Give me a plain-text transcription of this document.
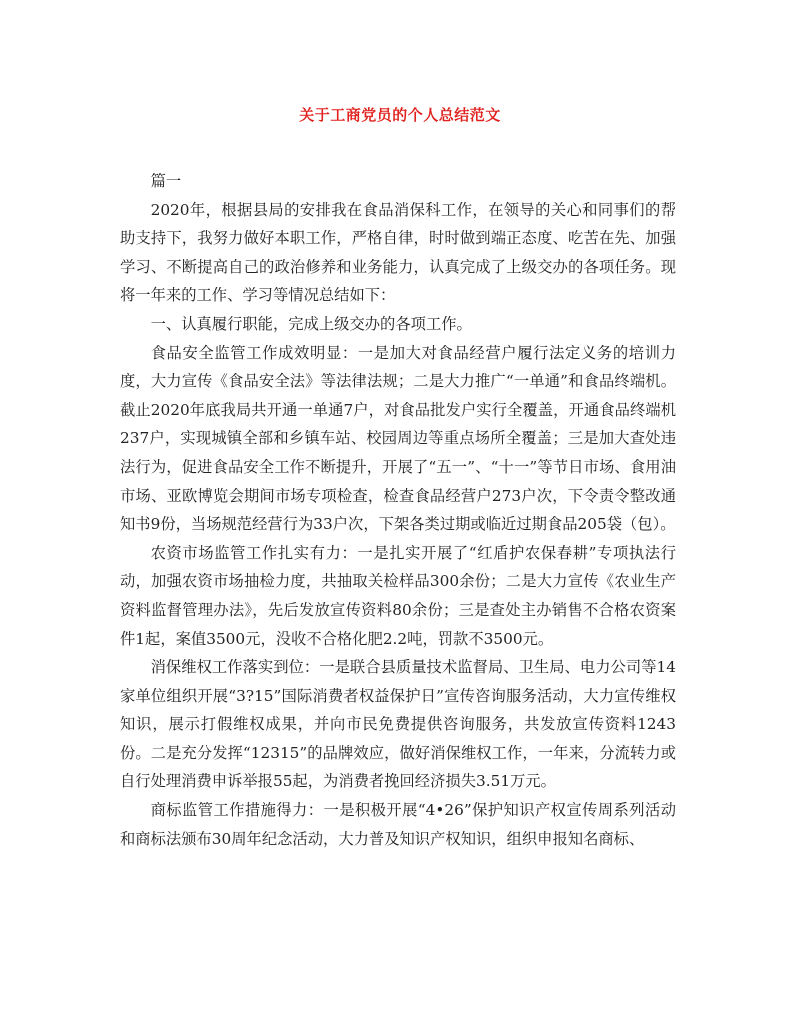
关于工商党员的个人总结范文

篇一

2020年，根据县局的安排我在食品消保科工作，在领导的关心和同事们的帮助支持下，我努力做好本职工作，严格自律，时时做到端正态度、吃苦在先、加强学习、不断提高自己的政治修养和业务能力，认真完成了上级交办的各项任务。现将一年来的工作、学习等情况总结如下：

一、认真履行职能，完成上级交办的各项工作。

食品安全监管工作成效明显：一是加大对食品经营户履行法定义务的培训力度，大力宣传《食品安全法》等法律法规；二是大力推广“一单通”和食品终端机。截止2020年底我局共开通一单通7户，对食品批发户实行全覆盖，开通食品终端机237户，实现城镇全部和乡镇车站、校园周边等重点场所全覆盖；三是加大查处违法行为，促进食品安全工作不断提升，开展了“五一”、“十一”等节日市场、食用油市场、亚欧博览会期间市场专项检查，检查食品经营户273户次，下令责令整改通知书9份，当场规范经营行为33户次，下架各类过期或临近过期食品205袋（包）。

农资市场监管工作扎实有力：一是扎实开展了“红盾护农保春耕”专项执法行动，加强农资市场抽检力度，共抽取关检样品300余份；二是大力宣传《农业生产资料监督管理办法》，先后发放宣传资料80余份；三是查处主办销售不合格农资案件1起，案值3500元，没收不合格化肥2.2吨，罚款不3500元。

消保维权工作落实到位：一是联合县质量技术监督局、卫生局、电力公司等14家单位组织开展“3?15”国际消费者权益保护日”宣传咨询服务活动，大力宣传维权知识，展示打假维权成果，并向市民免费提供咨询服务，共发放宣传资料1243份。二是充分发挥“12315”的品牌效应，做好消保维权工作，一年来，分流转力或自行处理消费申诉举报55起，为消费者挽回经济损失3.51万元。

商标监管工作措施得力：一是积极开展“4•26”保护知识产权宣传周系列活动和商标法颁布30周年纪念活动，大力普及知识产权知识，组织申报知名商标、
